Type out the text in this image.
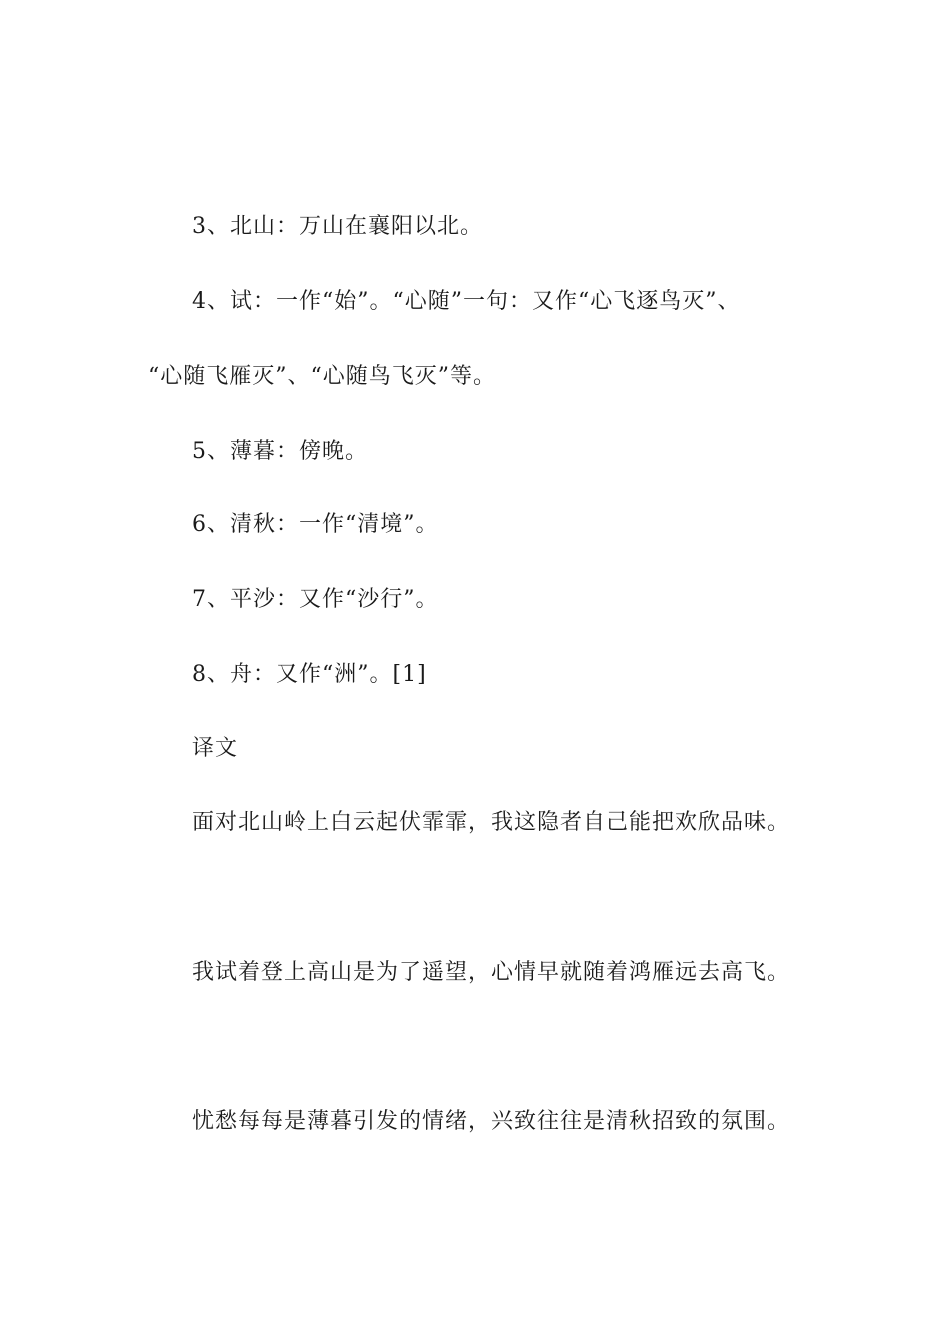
3、北山：万山在襄阳以北。
4、试：一作“始”。“心随”一句：又作“心飞逐鸟灭”、
“心随飞雁灭”、“心随鸟飞灭”等。
5、薄暮：傍晚。
6、清秋：一作“清境”。
7、平沙：又作“沙行”。
8、舟：又作“洲”。[1]
译文
面对北山岭上白云起伏霏霏，我这隐者自己能把欢欣品味。
我试着登上高山是为了遥望，心情早就随着鸿雁远去高飞。
忧愁每每是薄暮引发的情绪，兴致往往是清秋招致的氛围。
